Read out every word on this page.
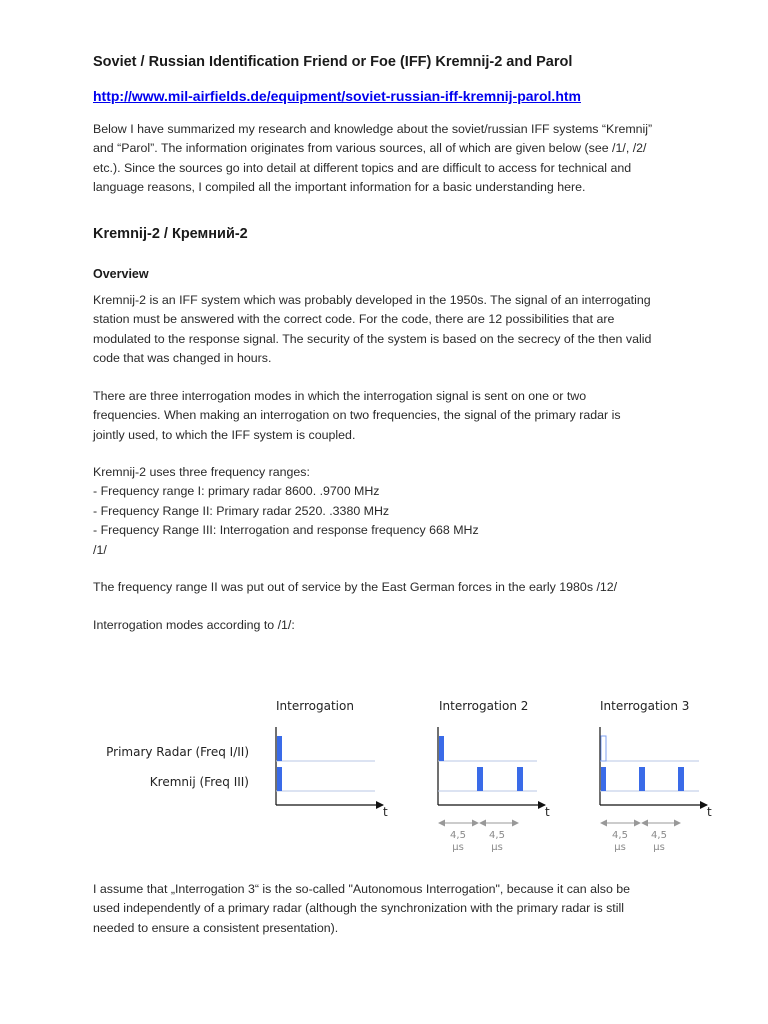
Soviet / Russian Identification Friend or Foe (IFF) Kremnij-2 and Parol
http://www.mil-airfields.de/equipment/soviet-russian-iff-kremnij-parol.htm
Below I have summarized my research and knowledge about the soviet/russian IFF systems “Kremnij”
and “Parol”. The information originates from various sources, all of which are given below (see /1/, /2/
etc.). Since the sources go into detail at different topics and are difficult to access for technical and
language reasons, I compiled all the important information for a basic understanding here.
Kremnij-2 / Кремний-2
Overview
Kremnij-2 is an IFF system which was probably developed in the 1950s. The signal of an interrogating
station must be answered with the correct code. For the code, there are 12 possibilities that are
modulated to the response signal. The security of the system is based on the secrecy of the then valid
code that was changed in hours.
There are three interrogation modes in which the interrogation signal is sent on one or two
frequencies. When making an interrogation on two frequencies, the signal of the primary radar is
jointly used, to which the IFF system is coupled.
Kremnij-2 uses three frequency ranges:
- Frequency range I: primary radar 8600. .9700 MHz
- Frequency Range II: Primary radar 2520. .3380 MHz
- Frequency Range III: Interrogation and response frequency 668 MHz
/1/
The frequency range II was put out of service by the East German forces in the early 1980s /12/
Interrogation modes according to /1/:
Primary Radar (Freq I/II)
Kremnij (Freq III)
Interrogation	Interrogation 2	Interrogation 3
t	t
4,5
µs
4,5
µs
t
4,5
µs
4,5
µs
I assume that „Interrogation 3“ is the so-called "Autonomous Interrogation", because it can also be
used independently of a primary radar (although the synchronization with the primary radar is still
needed to ensure a consistent presentation).
